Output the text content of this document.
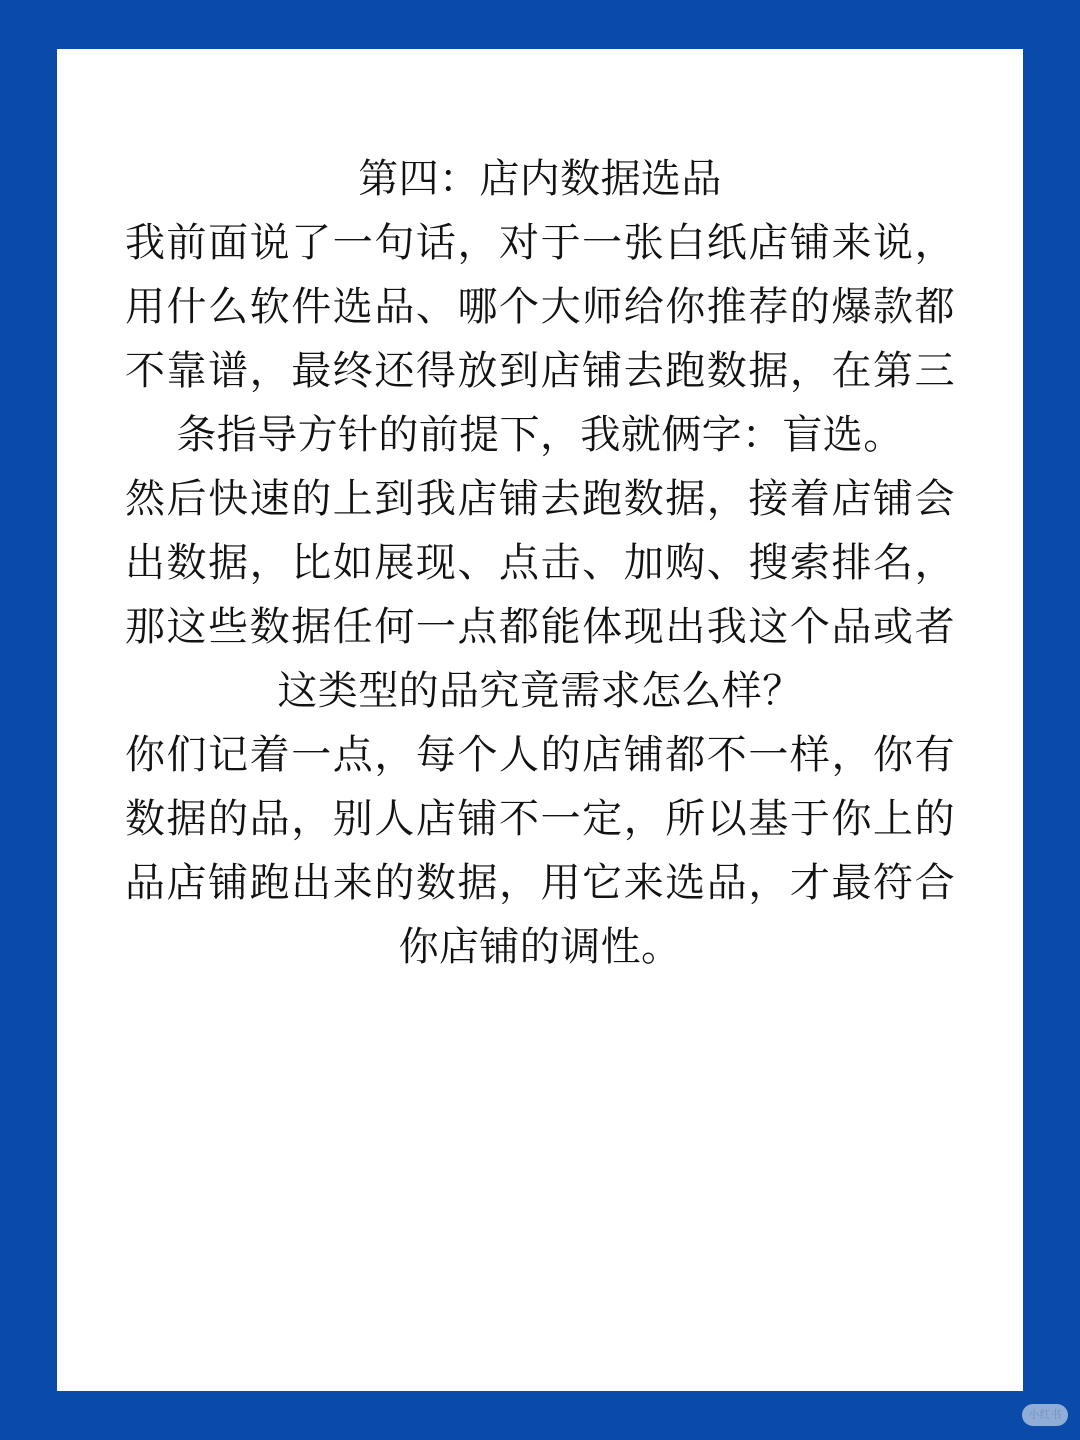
第四：店内数据选品

我前面说了一句话，对于一张白纸店铺来说，用什么软件选品、哪个大师给你推荐的爆款都不靠谱，最终还得放到店铺去跑数据，在第三条指导方针的前提下，我就俩字：盲选。

然后快速的上到我店铺去跑数据，接着店铺会出数据，比如展现、点击、加购、搜索排名，那这些数据任何一点都能体现出我这个品或者这类型的品究竟需求怎么样？

你们记着一点，每个人的店铺都不一样，你有数据的品，别人店铺不一定，所以基于你上的品店铺跑出来的数据，用它来选品，才最符合你店铺的调性。

小红书
